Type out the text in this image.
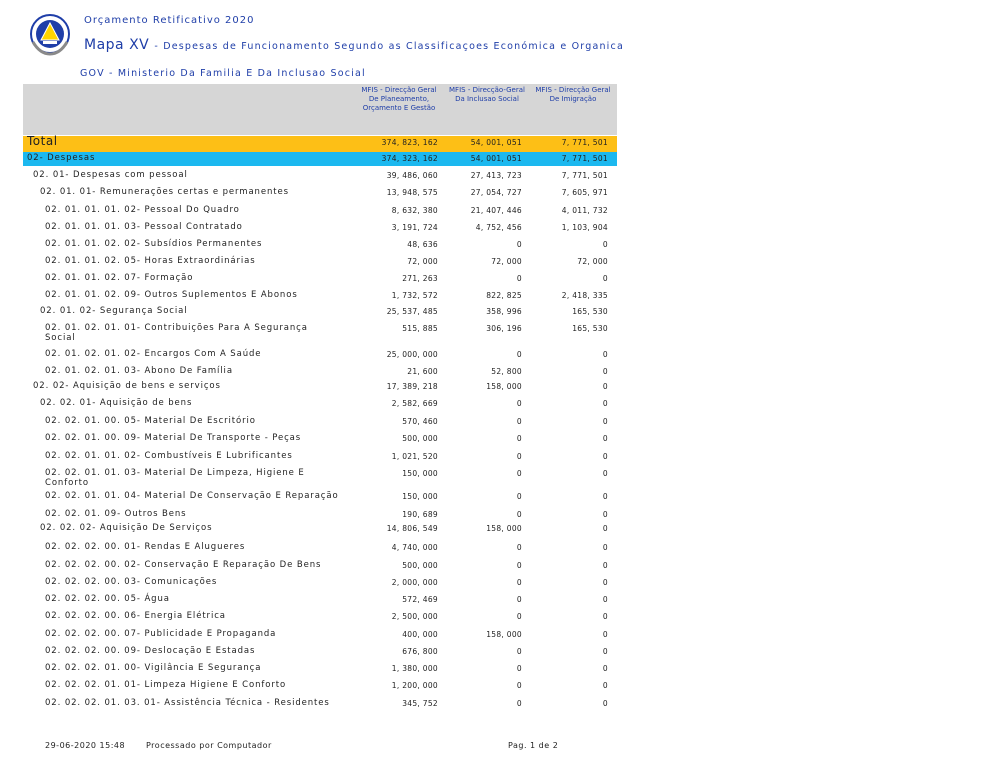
Orçamento Retificativo 2020
Mapa XV - Despesas de Funcionamento Segundo as Classificaçoes Económica e Organica
GOV - Ministerio Da Familia E Da Inclusao Social
MFIS - Direcção Geral De Planeamento, Orçamento E Gestão
MFIS - Direcção-Geral Da Inclusao Social
MFIS - Direcção Geral De Imigração
Total	374, 823, 162	54, 001, 051	7, 771, 501
02- Despesas	374, 323, 162	54, 001, 051	7, 771, 501
02. 01- Despesas com pessoal	39, 486, 060	27, 413, 723	7, 771, 501
02. 01. 01- Remunerações certas e permanentes	13, 948, 575	27, 054, 727	7, 605, 971
02. 01. 01. 01. 02- Pessoal Do Quadro	8, 632, 380	21, 407, 446	4, 011, 732
02. 01. 01. 01. 03- Pessoal Contratado	3, 191, 724	4, 752, 456	1, 103, 904
02. 01. 01. 02. 02- Subsídios Permanentes	48, 636	0	0
02. 01. 01. 02. 05- Horas Extraordinárias	72, 000	72, 000	72, 000
02. 01. 01. 02. 07- Formação	271, 263	0	0
02. 01. 01. 02. 09- Outros Suplementos E Abonos	1, 732, 572	822, 825	2, 418, 335
02. 01. 02- Segurança Social	25, 537, 485	358, 996	165, 530
02. 01. 02. 01. 01- Contribuições Para A Segurança
Social
515, 885	306, 196	165, 530
02. 01. 02. 01. 02- Encargos Com A Saúde	25, 000, 000	0	0
02. 01. 02. 01. 03- Abono De Família	21, 600	52, 800	0
02. 02- Aquisição de bens e serviços	17, 389, 218	158, 000	0
02. 02. 01- Aquisição de bens	2, 582, 669	0	0
02. 02. 01. 00. 05- Material De Escritório	570, 460	0	0
02. 02. 01. 00. 09- Material De Transporte - Peças	500, 000	0	0
02. 02. 01. 01. 02- Combustíveis E Lubrificantes	1, 021, 520	0	0
02. 02. 01. 01. 03- Material De Limpeza, Higiene E
Conforto
150, 000	0	0
02. 02. 01. 01. 04- Material De Conservação E Reparação	150, 000	0	0
02. 02. 01. 09- Outros Bens	190, 689	0	0
02. 02. 02- Aquisição De Serviços	14, 806, 549	158, 000	0
02. 02. 02. 00. 01- Rendas E Alugueres	4, 740, 000	0	0
02. 02. 02. 00. 02- Conservação E Reparação De Bens	500, 000	0	0
02. 02. 02. 00. 03- Comunicações	2, 000, 000	0	0
02. 02. 02. 00. 05- Água	572, 469	0	0
02. 02. 02. 00. 06- Energia Elétrica	2, 500, 000	0	0
02. 02. 02. 00. 07- Publicidade E Propaganda	400, 000	158, 000	0
02. 02. 02. 00. 09- Deslocação E Estadas	676, 800	0	0
02. 02. 02. 01. 00- Vigilância E Segurança	1, 380, 000	0	0
02. 02. 02. 01. 01- Limpeza Higiene E Conforto	1, 200, 000	0	0
02. 02. 02. 01. 03. 01- Assistência Técnica - Residentes	345, 752	0	0
29-06-2020 15:48	Processado por Computador	Pag. 1 de 2
